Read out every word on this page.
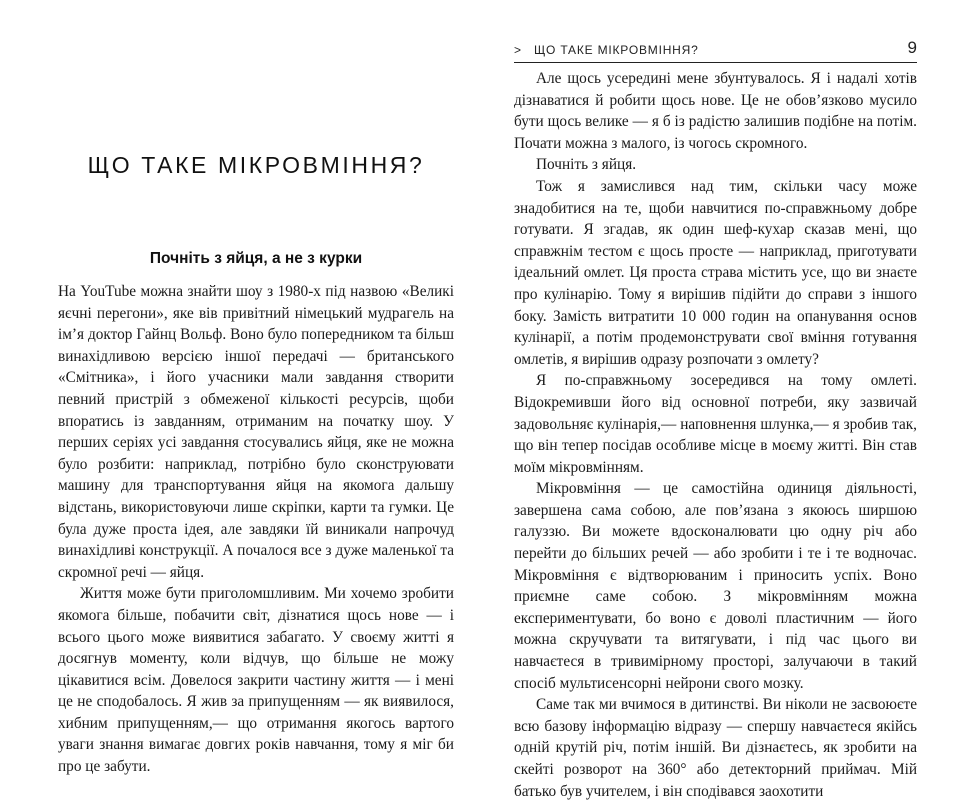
ЩО ТАКЕ МІКРОВМІННЯ?
Почніть з яйця, а не з курки

На YouTube можна знайти шоу з 1980-х під назвою «Великі яєчні перегони», яке вів привітний німецький мудрагель на ім’я доктор Гайнц Вольф. Воно було попередником та більш винахідливою версією іншої передачі — британського «Смітника», і його учасники мали завдання створити певний пристрій з обмеженої кількості ресурсів, щоби впоратись із завданням, отриманим на початку шоу. У перших серіях усі завдання стосувались яйця, яке не можна було розбити: наприклад, потрібно було сконструювати машину для транспортування яйця на якомога дальшу відстань, використовуючи лише скріпки, карти та гумки. Це була дуже проста ідея, але завдяки їй виникали напрочуд винахідливі конструкції. А почалося все з дуже маленької та скромної речі — яйця.

Життя може бути приголомшливим. Ми хочемо зробити якомога більше, побачити світ, дізнатися щось нове — і всього цього може виявитися забагато. У своєму житті я досягнув моменту, коли відчув, що більше не можу цікавитися всім. Довелося закрити частину життя — і мені це не сподобалось. Я жив за припущенням — як виявилося, хибним припущенням,— що отримання якогось вартого уваги знання вимагає довгих років навчання, тому я міг би про це забути.

> ЩО ТАКЕ МІКРОВМІННЯ?	9

Але щось усередині мене збунтувалось. Я і надалі хотів дізнаватися й робити щось нове. Це не обов’язково мусило бути щось велике — я б із радістю залишив подібне на потім. Почати можна з малого, із чогось скромного.

Почніть з яйця.

Тож я замислився над тим, скільки часу може знадобитися на те, щоби навчитися по-справжньому добре готувати. Я згадав, як один шеф-кухар сказав мені, що справжнім тестом є щось просте — наприклад, приготувати ідеальний омлет. Ця проста страва містить усе, що ви знаєте про кулінарію. Тому я вирішив підійти до справи з іншого боку. Замість витратити 10 000 годин на опанування основ кулінарії, а потім продемонструвати свої вміння готування омлетів, я вирішив одразу розпочати з омлету?

Я по-справжньому зосередився на тому омлеті. Відокремивши його від основної потреби, яку зазвичай задовольняє кулінарія,— наповнення шлунка,— я зробив так, що він тепер посідав особливе місце в моєму житті. Він став моїм мікровмінням.

Мікровміння — це самостійна одиниця діяльності, завершена сама собою, але пов’язана з якоюсь ширшою галуззю. Ви можете вдосконалювати цю одну річ або перейти до більших речей — або зробити і те і те водночас. Мікровміння є відтворюваним і приносить успіх. Воно приємне саме собою. З мікровмінням можна експериментувати, бо воно є доволі пластичним — його можна скручувати та витягувати, і під час цього ви навчаєтеся в тривимірному просторі, залучаючи в такий спосіб мультисенсорні нейрони свого мозку.

Саме так ми вчимося в дитинстві. Ви ніколи не засвоюєте всю базову інформацію відразу — спершу навчаєтеся якійсь одній крутій річ, потім іншій. Ви дізнаєтесь, як зробити на скейті розворот на 360° або детекторний приймач. Мій батько був учителем, і він сподівався заохотити
